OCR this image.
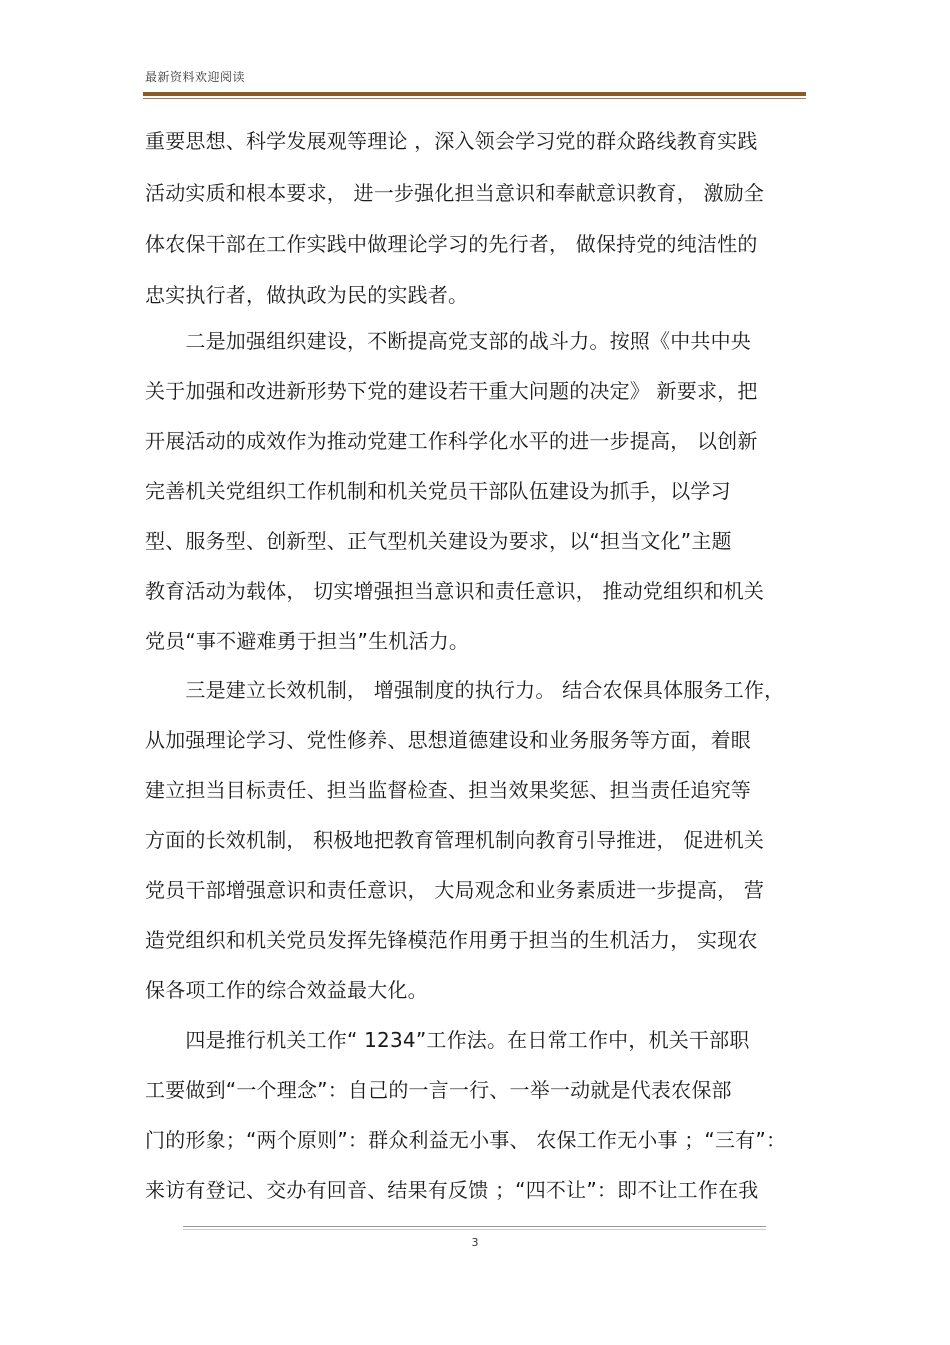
最新资料欢迎阅读
重要思想、科学发展观等理论 ，深入领会学习党的群众路线教育实践
活动实质和根本要求， 进一步强化担当意识和奉献意识教育， 激励全
体农保干部在工作实践中做理论学习的先行者， 做保持党的纯洁性的
忠实执行者，做执政为民的实践者。
　　二是加强组织建设，不断提高党支部的战斗力。按照《中共中央
关于加强和改进新形势下党的建设若干重大问题的决定》 新要求，把
开展活动的成效作为推动党建工作科学化水平的进一步提高， 以创新
完善机关党组织工作机制和机关党员干部队伍建设为抓手，以学习
型、服务型、创新型、正气型机关建设为要求，以“担当文化”主题
教育活动为载体， 切实增强担当意识和责任意识， 推动党组织和机关
党员“事不避难勇于担当”生机活力。
　　三是建立长效机制， 增强制度的执行力。 结合农保具体服务工作，
从加强理论学习、党性修养、思想道德建设和业务服务等方面，着眼
建立担当目标责任、担当监督检查、担当效果奖惩、担当责任追究等
方面的长效机制， 积极地把教育管理机制向教育引导推进， 促进机关
党员干部增强意识和责任意识， 大局观念和业务素质进一步提高， 营
造党组织和机关党员发挥先锋模范作用勇于担当的生机活力， 实现农
保各项工作的综合效益最大化。
　　四是推行机关工作“ 1234”工作法。在日常工作中，机关干部职
工要做到“一个理念”：自己的一言一行、一举一动就是代表农保部
门的形象；“两个原则”：群众利益无小事、 农保工作无小事 ；“三有”：
来访有登记、交办有回音、结果有反馈 ；“四不让”：即不让工作在我
3
